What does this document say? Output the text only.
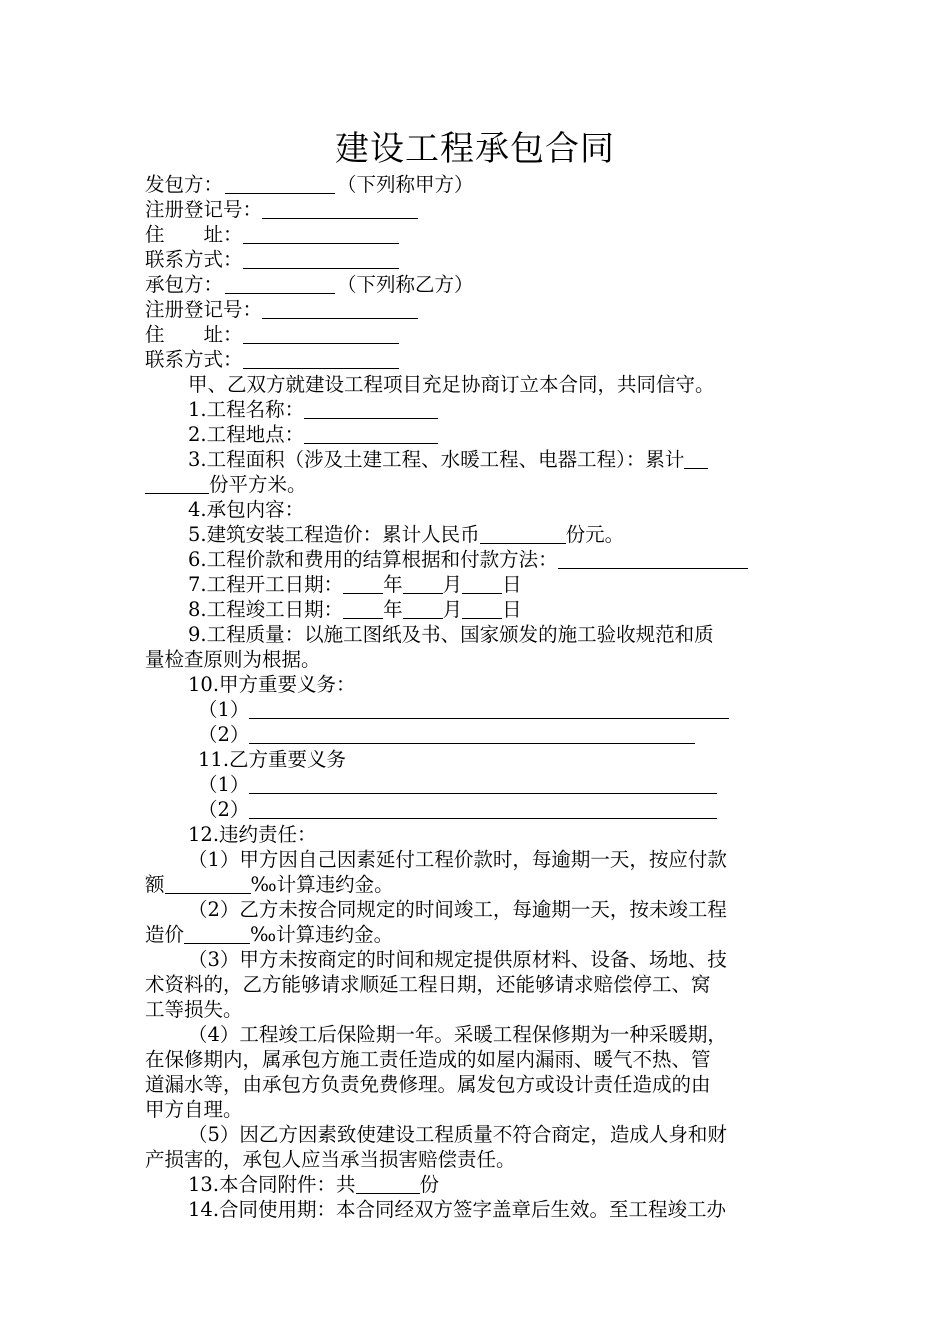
建设工程承包合同
发包方：	（下列称甲方）
注册登记号：
住　　址：
联系方式：
承包方：	（下列称乙方）
注册登记号：
住　　址：
联系方式：
甲、乙双方就建设工程项目充足协商订立本合同，共同信守。
1.工程名称：
2.工程地点：
3.工程面积（涉及土建工程、水暖工程、电器工程）：累计
份平方米。
4.承包内容：
5.建筑安装工程造价：累计人民币	份元。
6.工程价款和费用的结算根据和付款方法：
7.工程开工日期： 年 月 日
8.工程竣工日期： 年 月 日
9.工程质量：以施工图纸及书、国家颁发的施工验收规范和质
量检查原则为根据。
10.甲方重要义务：
（1）
（2）
11.乙方重要义务
（1）
（2）
12.违约责任：
（1）甲方因自己因素延付工程价款时，每逾期一天，按应付款
额	‰计算违约金。
（2）乙方未按合同规定的时间竣工，每逾期一天，按未竣工程
造价	‰计算违约金。
（3）甲方未按商定的时间和规定提供原材料、设备、场地、技
术资料的，乙方能够请求顺延工程日期，还能够请求赔偿停工、窝
工等损失。
（4）工程竣工后保险期一年。采暖工程保修期为一种采暖期，
在保修期内，属承包方施工责任造成的如屋内漏雨、暖气不热、管
道漏水等，由承包方负责免费修理。属发包方或设计责任造成的由
甲方自理。
（5）因乙方因素致使建设工程质量不符合商定，造成人身和财
产损害的，承包人应当承当损害赔偿责任。
13.本合同附件：共	份
14.合同使用期：本合同经双方签字盖章后生效。至工程竣工办
